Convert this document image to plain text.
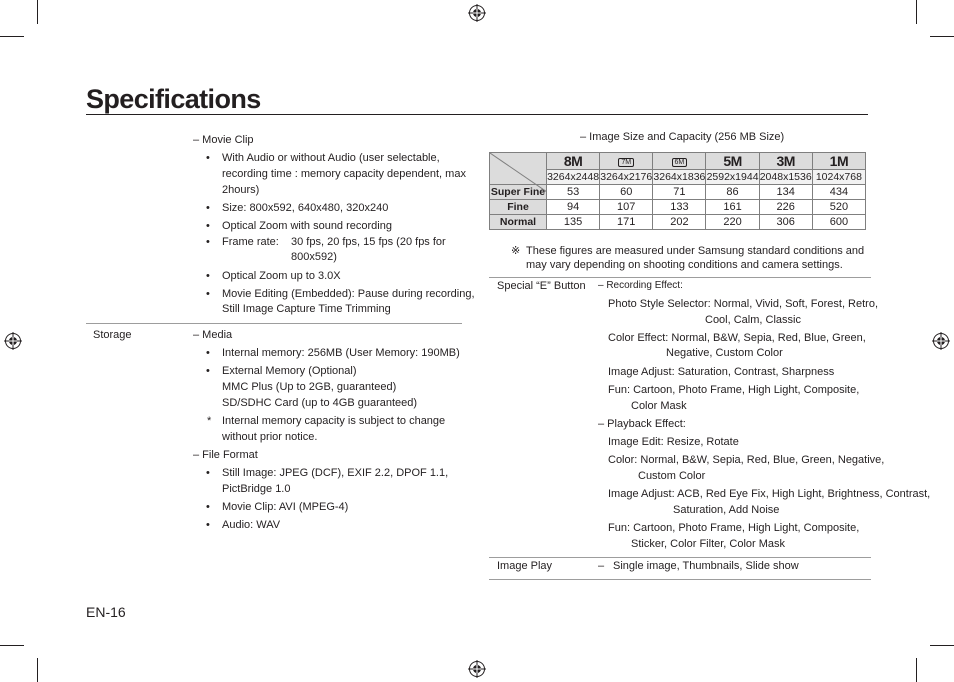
Specifications
– Movie Clip
• With Audio or without Audio (user selectable,
recording time : memory capacity dependent, max
2hours)
• Size: 800x592, 640x480, 320x240
• Optical Zoom with sound recording
• Frame rate: 30 fps, 20 fps, 15 fps (20 fps for
800x592)
• Optical Zoom up to 3.0X
• Movie Editing (Embedded): Pause during recording,
Still Image Capture Time Trimming
Storage	– Media
• Internal memory: 256MB (User Memory: 190MB)
• External Memory (Optional)
MMC Plus (Up to 2GB, guaranteed)
SD/SDHC Card (up to 4GB guaranteed)
* Internal memory capacity is subject to change
without prior notice.
– File Format
• Still Image: JPEG (DCF), EXIF 2.2, DPOF 1.1,
PictBridge 1.0
• Movie Clip: AVI (MPEG-4)
• Audio: WAV
– Image Size and Capacity (256 MB Size)
	8M	7M	6M	5M	3M	1M
	3264x2448	3264x2176	3264x1836	2592x1944	2048x1536	1024x768
Super Fine	53	60	71	86	134	434
Fine	94	107	133	161	226	520
Normal	135	171	202	220	306	600
※ These figures are measured under Samsung standard conditions and
may vary depending on shooting conditions and camera settings.
Special “E” Button – Recording Effect:
Photo Style Selector: Normal, Vivid, Soft, Forest, Retro,
Cool, Calm, Classic
Color Effect: Normal, B&W, Sepia, Red, Blue, Green,
Negative, Custom Color
Image Adjust: Saturation, Contrast, Sharpness
Fun: Cartoon, Photo Frame, High Light, Composite,
Color Mask
– Playback Effect:
Image Edit: Resize, Rotate
Color: Normal, B&W, Sepia, Red, Blue, Green, Negative,
Custom Color
Image Adjust: ACB, Red Eye Fix, High Light, Brightness, Contrast,
Saturation, Add Noise
Fun: Cartoon, Photo Frame, High Light, Composite,
Sticker, Color Filter, Color Mask
Image Play	– Single image, Thumbnails, Slide show
EN-16
